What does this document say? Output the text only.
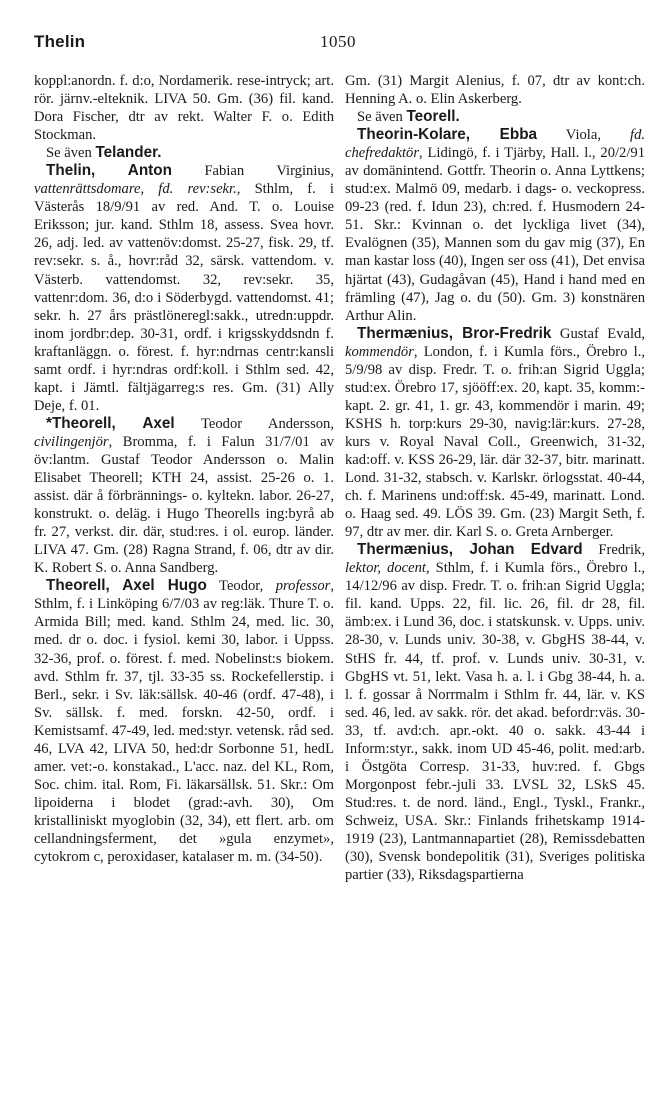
Thelin	1050

koppl:anordn. f. d:o, Nordamerik. rese-intryck; art. rör. järnv.-elteknik. LIVA 50. Gm. (36) fil. kand. Dora Fischer, dtr av rekt. Walter F. o. Edith Stockman.

Se även Telander.

Thelin, Anton Fabian Virginius, vattenrättsdomare, fd. rev:sekr., Sthlm, f. i Västerås 18/9/91 av red. And. T. o. Louise Eriksson; jur. kand. Sthlm 18, assess. Svea hovr. 26, adj. led. av vattenöv:domst. 25-27, fisk. 29, tf. rev:sekr. s. å., hovr:råd 32, särsk. vattendom. v. Västerb. vattendomst. 32, rev:sekr. 35, vattenr:dom. 36, d:o i Söderbygd. vattendomst. 41; sekr. h. 27 års prästlöneregl:sakk., utredn:uppdr. inom jordbr:dep. 30-31, ordf. i krigsskyddsndn f. kraftanläggn. o. förest. f. hyr:ndrnas centr:kansli samt ordf. i hyr:ndras ordf:koll. i Sthlm sed. 42, kapt. i Jämtl. fältjägarreg:s res. Gm. (31) Ally Deje, f. 01.

*Theorell, Axel Teodor Andersson, civilingenjör, Bromma, f. i Falun 31/7/01 av öv:lantm. Gustaf Teodor Andersson o. Malin Elisabet Theorell; KTH 24, assist. 25-26 o. 1. assist. där å förbrännings- o. kyltekn. labor. 26-27, konstrukt. o. deläg. i Hugo Theorells ing:byrå ab fr. 27, verkst. dir. där, stud:res. i ol. europ. länder. LIVA 47. Gm. (28) Ragna Strand, f. 06, dtr av dir. K. Robert S. o. Anna Sandberg.

Theorell, Axel Hugo Teodor, professor, Sthlm, f. i Linköping 6/7/03 av reg:läk. Thure T. o. Armida Bill; med. kand. Sthlm 24, med. lic. 30, med. dr o. doc. i fysiol. kemi 30, labor. i Uppss. 32-36, prof. o. förest. f. med. Nobelinst:s biokem. avd. Sthlm fr. 37, tjl. 33-35 ss. Rockefellerstip. i Berl., sekr. i Sv. läk:sällsk. 40-46 (ordf. 47-48), i Sv. sällsk. f. med. forskn. 42-50, ordf. i Kemistsamf. 47-49, led. med:styr. vetensk. råd sed. 46, LVA 42, LIVA 50, hed:dr Sorbonne 51, hedL amer. vet:-o. konstakad., L'acc. naz. del KL, Rom, Soc. chim. ital. Rom, Fi. läkarsällsk. 51. Skr.: Om lipoiderna i blodet (grad:-avh. 30), Om kristalliniskt myoglobin (32, 34), ett flert. arb. om cellandningsferment, det »gula enzymet», cytokrom c, peroxidaser, katalaser m. m. (34-50).

Gm. (31) Margit Alenius, f. 07, dtr av kont:ch. Henning A. o. Elin Askerberg.

Se även Teorell.

Theorin-Kolare, Ebba Viola, fd. chefredaktör, Lidingö, f. i Tjärby, Hall. l., 20/2/91 av domänintend. Gottfr. Theorin o. Anna Lyttkens; stud:ex. Malmö 09, medarb. i dags- o. veckopress. 09-23 (red. f. Idun 23), ch:red. f. Husmodern 24-51. Skr.: Kvinnan o. det lyckliga livet (34), Evalögnen (35), Mannen som du gav mig (37), En man kastar loss (40), Ingen ser oss (41), Det envisa hjärtat (43), Gudagåvan (45), Hand i hand med en främling (47), Jag o. du (50). Gm. 3) konstnären Arthur Alin.

Thermænius, Bror-Fredrik Gustaf Evald, kommendör, London, f. i Kumla förs., Örebro l., 5/9/98 av disp. Fredr. T. o. frih:an Sigrid Uggla; stud:ex. Örebro 17, sjööff:ex. 20, kapt. 35, komm:-kapt. 2. gr. 41, 1. gr. 43, kommendör i marin. 49; KSHS h. torp:kurs 29-30, navig:lär:kurs. 27-28, kurs v. Royal Naval Coll., Greenwich, 31-32, kad:off. v. KSS 26-29, lär. där 32-37, bitr. marinatt. Lond. 31-32, stabsch. v. Karlskr. örlogsstat. 40-44, ch. f. Marinens und:off:sk. 45-49, marinatt. Lond. o. Haag sed. 49. LÖS 39. Gm. (23) Margit Seth, f. 97, dtr av mer. dir. Karl S. o. Greta Arnberger.

Thermænius, Johan Edvard Fredrik, lektor, docent, Sthlm, f. i Kumla förs., Örebro l., 14/12/96 av disp. Fredr. T. o. frih:an Sigrid Uggla; fil. kand. Upps. 22, fil. lic. 26, fil. dr 28, fil. ämb:ex. i Lund 36, doc. i statskunsk. v. Upps. univ. 28-30, v. Lunds univ. 30-38, v. GbgHS 38-44, v. StHS fr. 44, tf. prof. v. Lunds univ. 30-31, v. GbgHS vt. 51, lekt. Vasa h. a. l. i Gbg 38-44, h. a. l. f. gossar å Norrmalm i Sthlm fr. 44, lär. v. KS sed. 46, led. av sakk. rör. det akad. befordr:väs. 30-33, tf. avd:ch. apr.-okt. 40 o. sakk. 43-44 i Inform:styr., sakk. inom UD 45-46, polit. med:arb. i Östgöta Corresp. 31-33, huv:red. f. Gbgs Morgonpost febr.-juli 33. LVSL 32, LSkS 45. Stud:res. t. de nord. länd., Engl., Tyskl., Frankr., Schweiz, USA. Skr.: Finlands frihetskamp 1914-1919 (23), Lantmannapartiet (28), Remissdebatten (30), Svensk bondepolitik (31), Sveriges politiska partier (33), Riksdagspartierna
